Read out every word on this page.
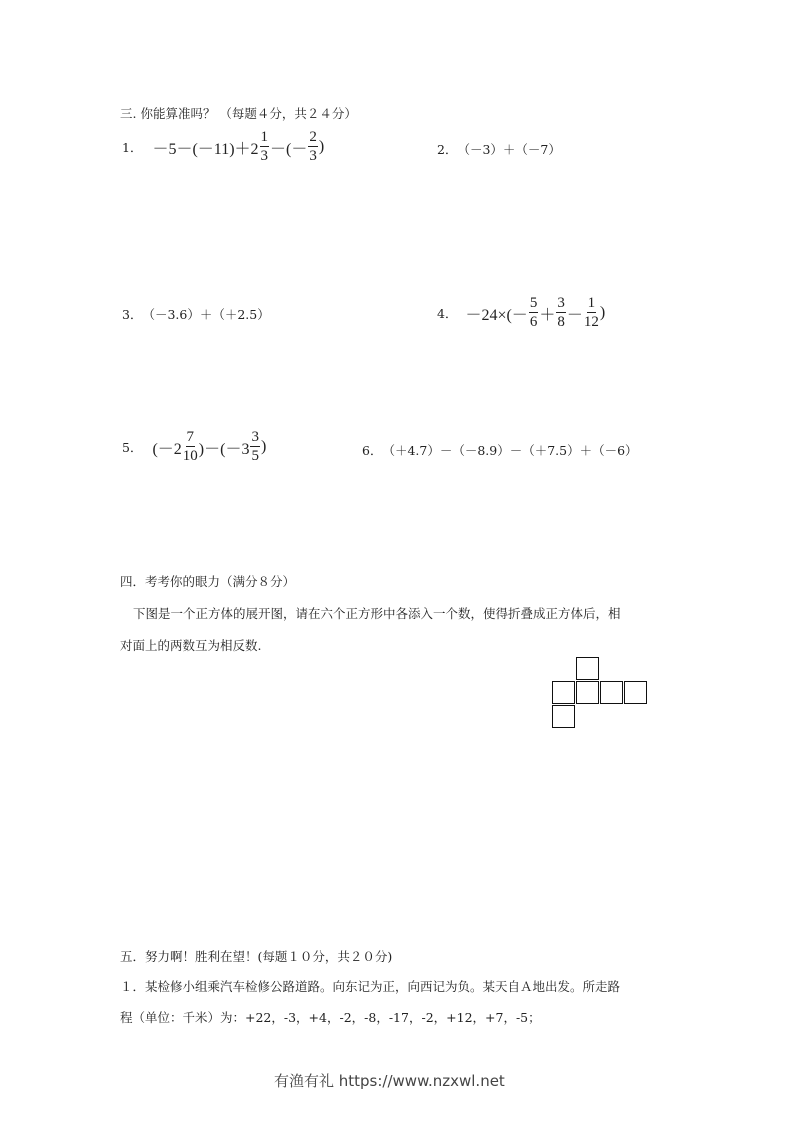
三. 你能算准吗？ （每题４分，共２４分）
1． $-5-(-11)+2 \frac{1}{3}$ －(－ $\frac{2}{3}$ )	2． （－3）＋（－7）
3． （－3.6）＋（＋2.5）	4． $-24\times(- \frac{5}{6} + \frac{3}{8} - \frac{1}{12}$ )
5． $(-2 \frac{7}{10} )-(-3 \frac{3}{5}$ )	6． （＋4.7）－（－8.9）－（＋7.5）＋（－6）
四．考考你的眼力（满分８分）
下图是一个正方体的展开图，请在六个正方形中各添入一个数，使得折叠成正方体后，相
对面上的两数互为相反数.
五．努力啊！胜利在望！(每题１０分，共２０分)
１．某检修小组乘汽车检修公路道路。向东记为正，向西记为负。某天自Ａ地出发。所走路
程（单位：千米）为：+22，-3，+4，-2，-8，-17，-2，+12，+7，-5；
有渔有礼 https://www.nzxwl.net
